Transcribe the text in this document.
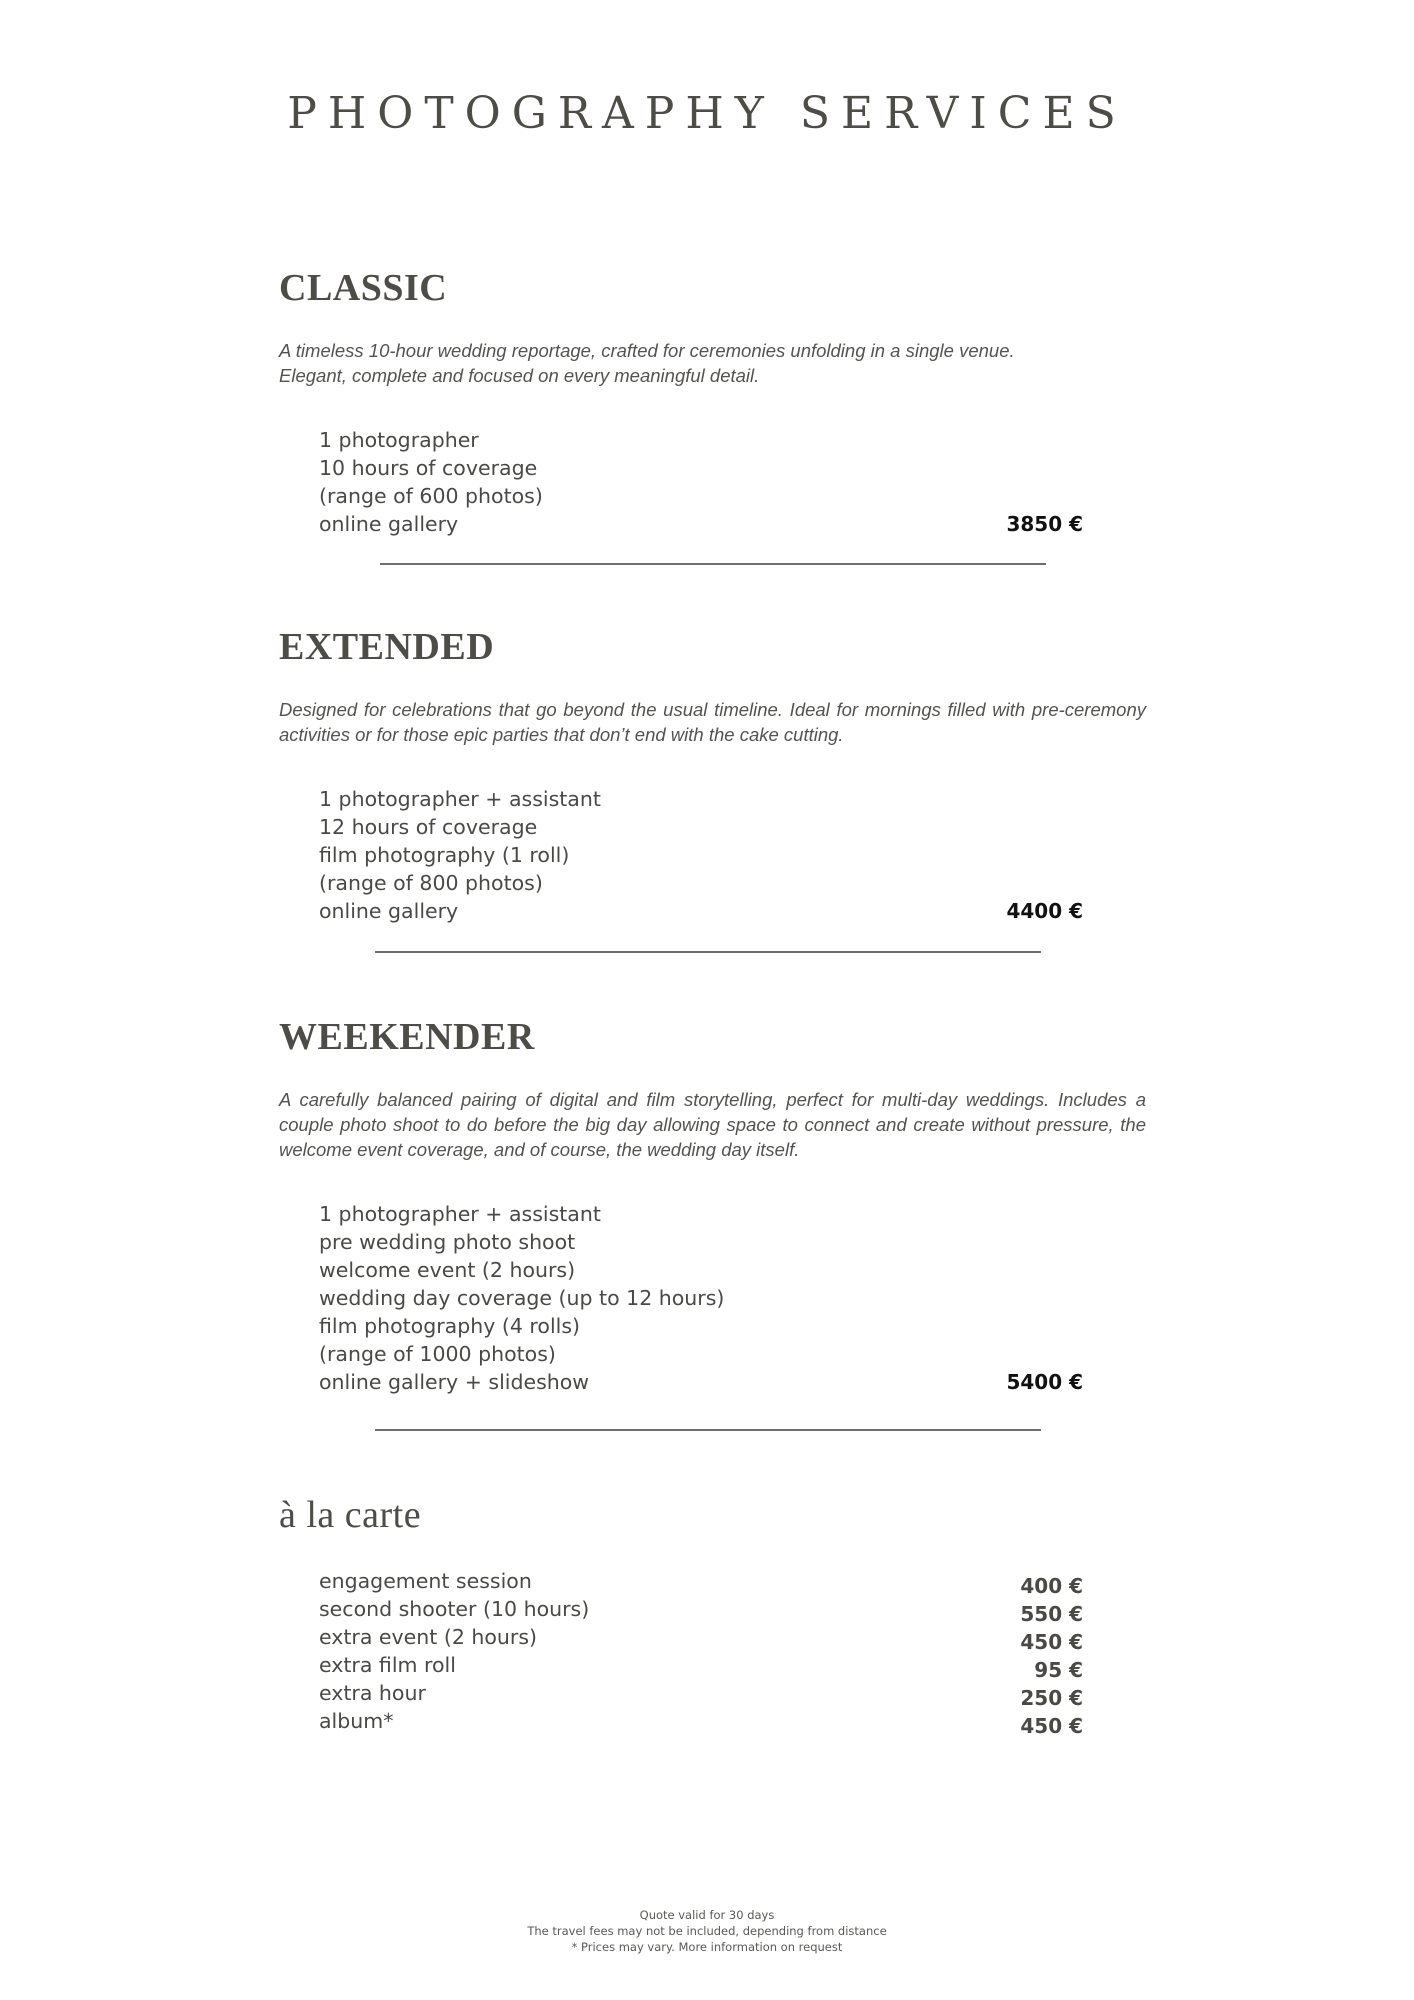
PHOTOGRAPHY SERVICES
CLASSIC

A timeless 10-hour wedding reportage, crafted for ceremonies unfolding in a single venue.
Elegant, complete and focused on every meaningful detail.

1 photographer
10 hours of coverage
(range of 600 photos)
online gallery	3850 €
EXTENDED

Designed for celebrations that go beyond the usual timeline. Ideal for mornings filled with pre-ceremony activities or for those epic parties that don’t end with the cake cutting.

1 photographer + assistant
12 hours of coverage
film photography (1 roll)
(range of 800 photos)
online gallery	4400 €
WEEKENDER

A carefully balanced pairing of digital and film storytelling, perfect for multi-day weddings. Includes a couple photo shoot to do before the big day allowing space to connect and create without pressure, the welcome event coverage, and of course, the wedding day itself.

1 photographer + assistant
pre wedding photo shoot
welcome event (2 hours)
wedding day coverage (up to 12 hours)
film photography (4 rolls)
(range of 1000 photos)
online gallery + slideshow	5400 €
à la carte
engagement session	400 €
second shooter (10 hours)	550 €
extra event (2 hours)	450 €
extra film roll	95 €
extra hour	250 €
album*	450 €
Quote valid for 30 days
The travel fees may not be included, depending from distance
* Prices may vary. More information on request
